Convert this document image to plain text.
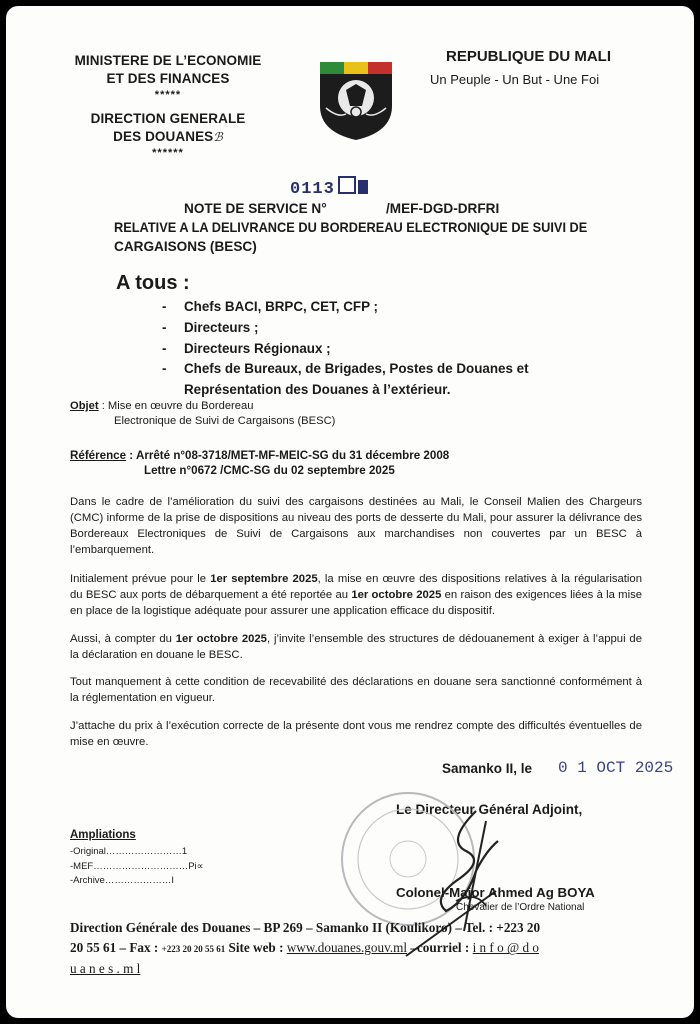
MINISTERE DE L’ECONOMIE
ET DES FINANCES
*****
DIRECTION GENERALE
DES DOUANESℬ
******
REPUBLIQUE DU MALI
Un Peuple - Un But - Une Foi
0113
NOTE DE SERVICE N°	/MEF-DGD-DRFRI
RELATIVE A LA DELIVRANCE DU BORDEREAU ELECTRONIQUE DE SUIVI DE
CARGAISONS (BESC)
A tous :
- Chefs BACI, BRPC, CET, CFP ;
- Directeurs ;
- Directeurs Régionaux ;
- Chefs de Bureaux, de Brigades, Postes de Douanes et
Représentation des Douanes à l’extérieur.
Objet : Mise en œuvre du Bordereau
Electronique de Suivi de Cargaisons (BESC)
Référence : Arrêté n°08-3718/MET-MF-MEIC-SG du 31 décembre 2008
Lettre n°0672 /CMC-SG du 02 septembre 2025
Dans le cadre de l’amélioration du suivi des cargaisons destinées au Mali, le Conseil Malien des Chargeurs (CMC) informe de la prise de dispositions au niveau des ports de desserte du Mali, pour assurer la délivrance des Bordereaux Electroniques de Suivi de Cargaisons aux marchandises non couvertes par un BESC à l’embarquement.
Initialement prévue pour le 1er septembre 2025, la mise en œuvre des dispositions relatives à la régularisation du BESC aux ports de débarquement a été reportée au 1er octobre 2025 en raison des exigences liées à la mise en place de la logistique adéquate pour assurer une application efficace du dispositif.
Aussi, à compter du 1er octobre 2025, j’invite l’ensemble des structures de dédouanement à exiger à l’appui de la déclaration en douane le BESC.
Tout manquement à cette condition de recevabilité des déclarations en douane sera sanctionné conformément à la réglementation en vigueur.
J’attache du prix à l’exécution correcte de la présente dont vous me rendrez compte des difficultés éventuelles de mise en œuvre.
Samanko II, le 0 1 OCT 2025
Le Directeur Général Adjoint,
Colonel-Major Ahmed Ag BOYA
Chevalier de l’Ordre National
Ampliations
-Original……………………1
-MEF…………………………Pi∝
-Archive…………………I
Direction Générale des Douanes – BP 269 – Samanko II (Koulikoro) – Tel. : +223 20
20 55 61 – Fax : +223 20 20 55 61 Site web : www.douanes.gouv.ml –courriel : i n f o @ d o
u a n e s . m l
